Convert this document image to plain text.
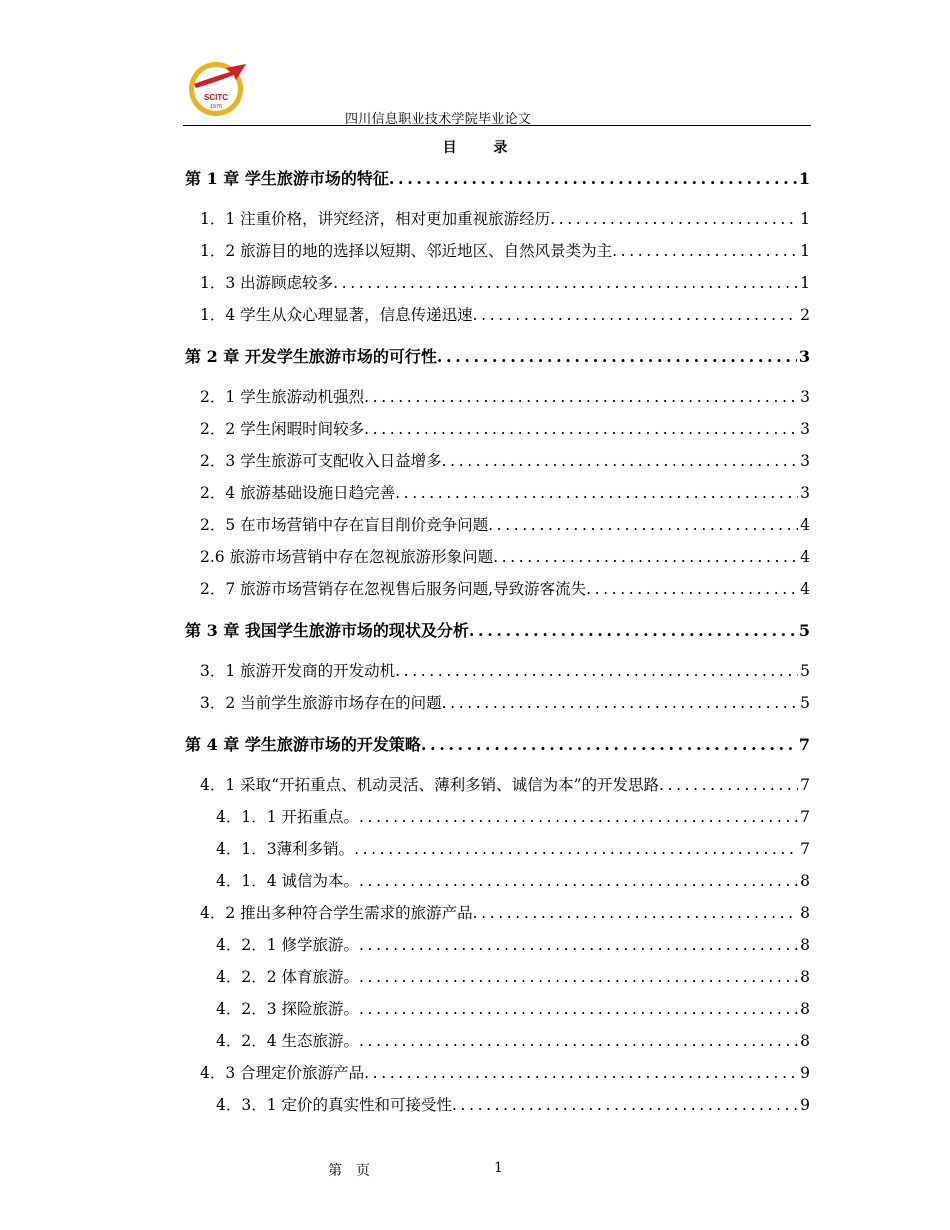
SCITC
1976
四川信息职业技术学院毕业论文
目 录
第 1 章 学生旅游市场的特征 .....	1
1．1 注重价格，讲究经济，相对更加重视旅游经历 .....	1
1．2 旅游目的地的选择以短期、邻近地区、自然风景类为主 .....	1
1．3 出游顾虑较多 .....	1
1．4 学生从众心理显著，信息传递迅速 .....	2
第 2 章 开发学生旅游市场的可行性 .....	3
2．1 学生旅游动机强烈 .....	3
2．2 学生闲暇时间较多 .....	3
2．3 学生旅游可支配收入日益增多 .....	3
2．4 旅游基础设施日趋完善 .....	3
2．5 在市场营销中存在盲目削价竞争问题 .....	4
2.6 旅游市场营销中存在忽视旅游形象问题 .....	4
2．7 旅游市场营销存在忽视售后服务问题,导致游客流失 .....	4
第 3 章 我国学生旅游市场的现状及分析 .....	5
3．1 旅游开发商的开发动机 .....	5
3．2 当前学生旅游市场存在的问题 .....	5
第 4 章 学生旅游市场的开发策略 .....	7
4．1 采取“开拓重点、机动灵活、薄利多销、诚信为本”的开发思路 .....	7
4．1．1 开拓重点。 .....	7
4．1．3薄利多销。 .....	7
4．1．4 诚信为本。 .....	8
4．2 推出多种符合学生需求的旅游产品 .....	8
4．2．1 修学旅游。 .....	8
4．2．2 体育旅游。 .....	8
4．2．3 探险旅游。 .....	8
4．2．4 生态旅游。 .....	8
4．3 合理定价旅游产品 .....	9
4．3．1 定价的真实性和可接受性 .....	9
第 页	1
